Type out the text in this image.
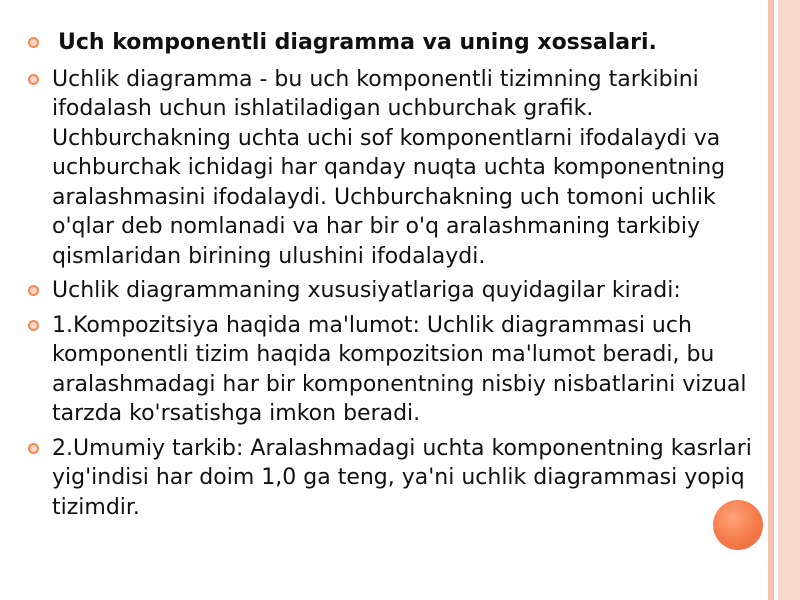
Uch komponentli diagramma va uning xossalari.
Uchlik diagramma - bu uch komponentli tizimning tarkibini ifodalash uchun ishlatiladigan uchburchak grafik. Uchburchakning uchta uchi sof komponentlarni ifodalaydi va uchburchak ichidagi har qanday nuqta uchta komponentning aralashmasini ifodalaydi. Uchburchakning uch tomoni uchlik o'qlar deb nomlanadi va har bir o'q aralashmaning tarkibiy qismlaridan birining ulushini ifodalaydi.
Uchlik diagrammaning xususiyatlariga quyidagilar kiradi:
1.Kompozitsiya haqida ma'lumot: Uchlik diagrammasi uch komponentli tizim haqida kompozitsion ma'lumot beradi, bu aralashmadagi har bir komponentning nisbiy nisbatlarini vizual tarzda ko'rsatishga imkon beradi.
2.Umumiy tarkib: Aralashmadagi uchta komponentning kasrlari yig'indisi har doim 1,0 ga teng, ya'ni uchlik diagrammasi yopiq tizimdir.
